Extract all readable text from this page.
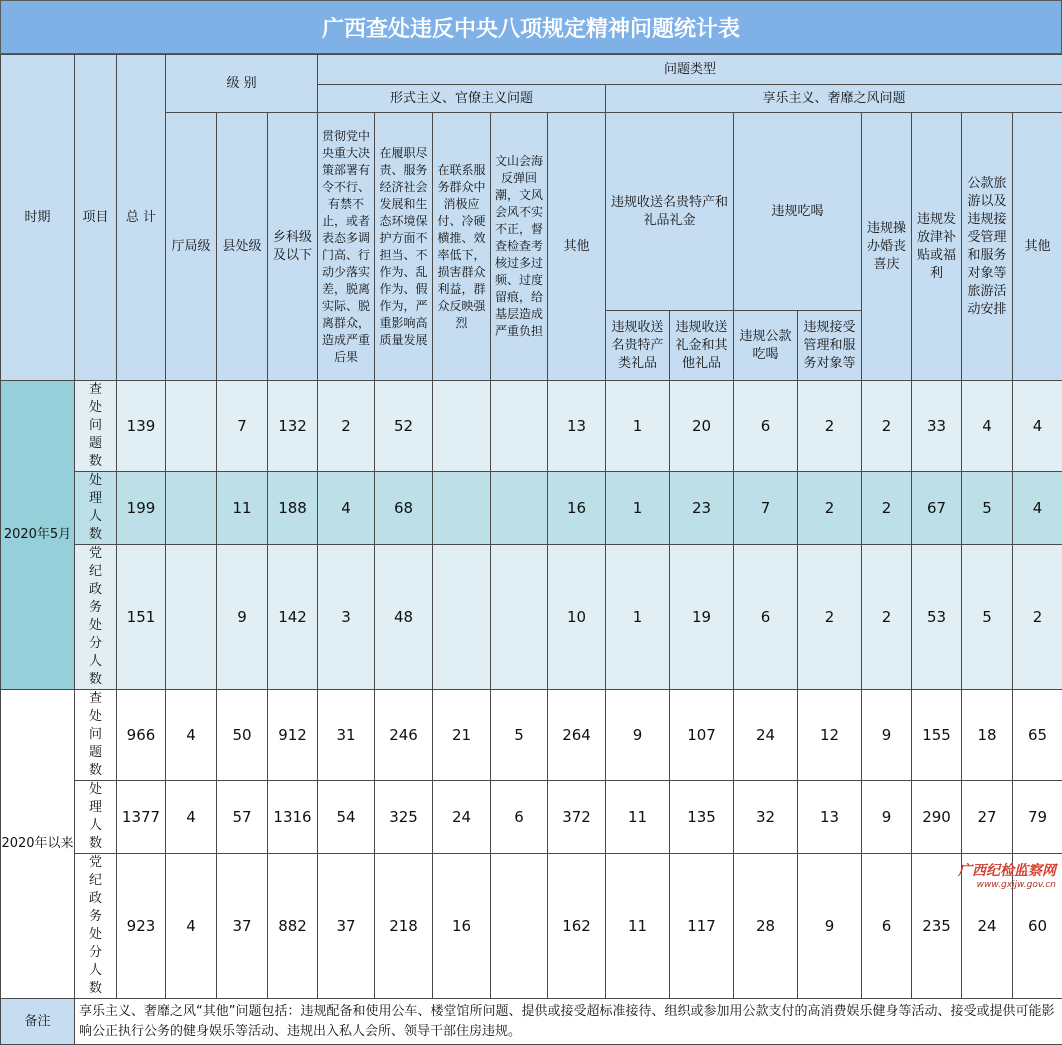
广西查处违反中央八项规定精神问题统计表
时期	项目	总 计	级 别			问题类型												
						形式主义、官僚主义问题					享乐主义、奢靡之风问题							
			厅局级	县处级	乡科级及以下	贯彻党中央重大决策部署有令不行、有禁不止，或者表态多调门高、行动少落实差，脱离实际、脱离群众，造成严重后果	在履职尽责、服务经济社会发展和生态环境保护方面不担当、不作为、乱作为、假作为，严重影响高质量发展	在联系服务群众中消极应付、冷硬横推、效率低下，损害群众利益，群众反映强烈	文山会海反弹回潮，文风会风不实不正，督查检查考核过多过频、过度留痕，给基层造成严重负担	其他	违规收送名贵特产和礼品礼金		违规吃喝		违规操办婚丧喜庆	违规发放津补贴或福利	公款旅游以及违规接受管理和服务对象等旅游活动安排	其他

											违规收送名贵特产类礼品	违规收送礼金和其他礼品	违规公款吃喝	违规接受管理和服务对象等				
2020年5月	查处问题数	139		7	132	2	52			13	1	20	6	2	2	33	4	4
	处理人数	199		11	188	4	68			16	1	23	7	2	2	67	5	4
	党纪政务处分人数	151		9	142	3	48			10	1	19	6	2	2	53	5	2
2020年以来	查处问题数	966	4	50	912	31	246	21	5	264	9	107	24	12	9	155	18	65
	处理人数	1377	4	57	1316	54	325	24	6	372	11	135	32	13	9	290	27	79
	党纪政务处分人数	923	4	37	882	37	218	16		162	11	117	28	9	6	235	24	60
备注	享乐主义、奢靡之风“其他”问题包括：违规配备和使用公车、楼堂馆所问题、提供或接受超标准接待、组织或参加用公款支付的高消费娱乐健身等活动、接受或提供可能影响公正执行公务的健身娱乐等活动、违规出入私人会所、领导干部住房违规。																	
广西纪检监察网
www.gxjjw.gov.cn
